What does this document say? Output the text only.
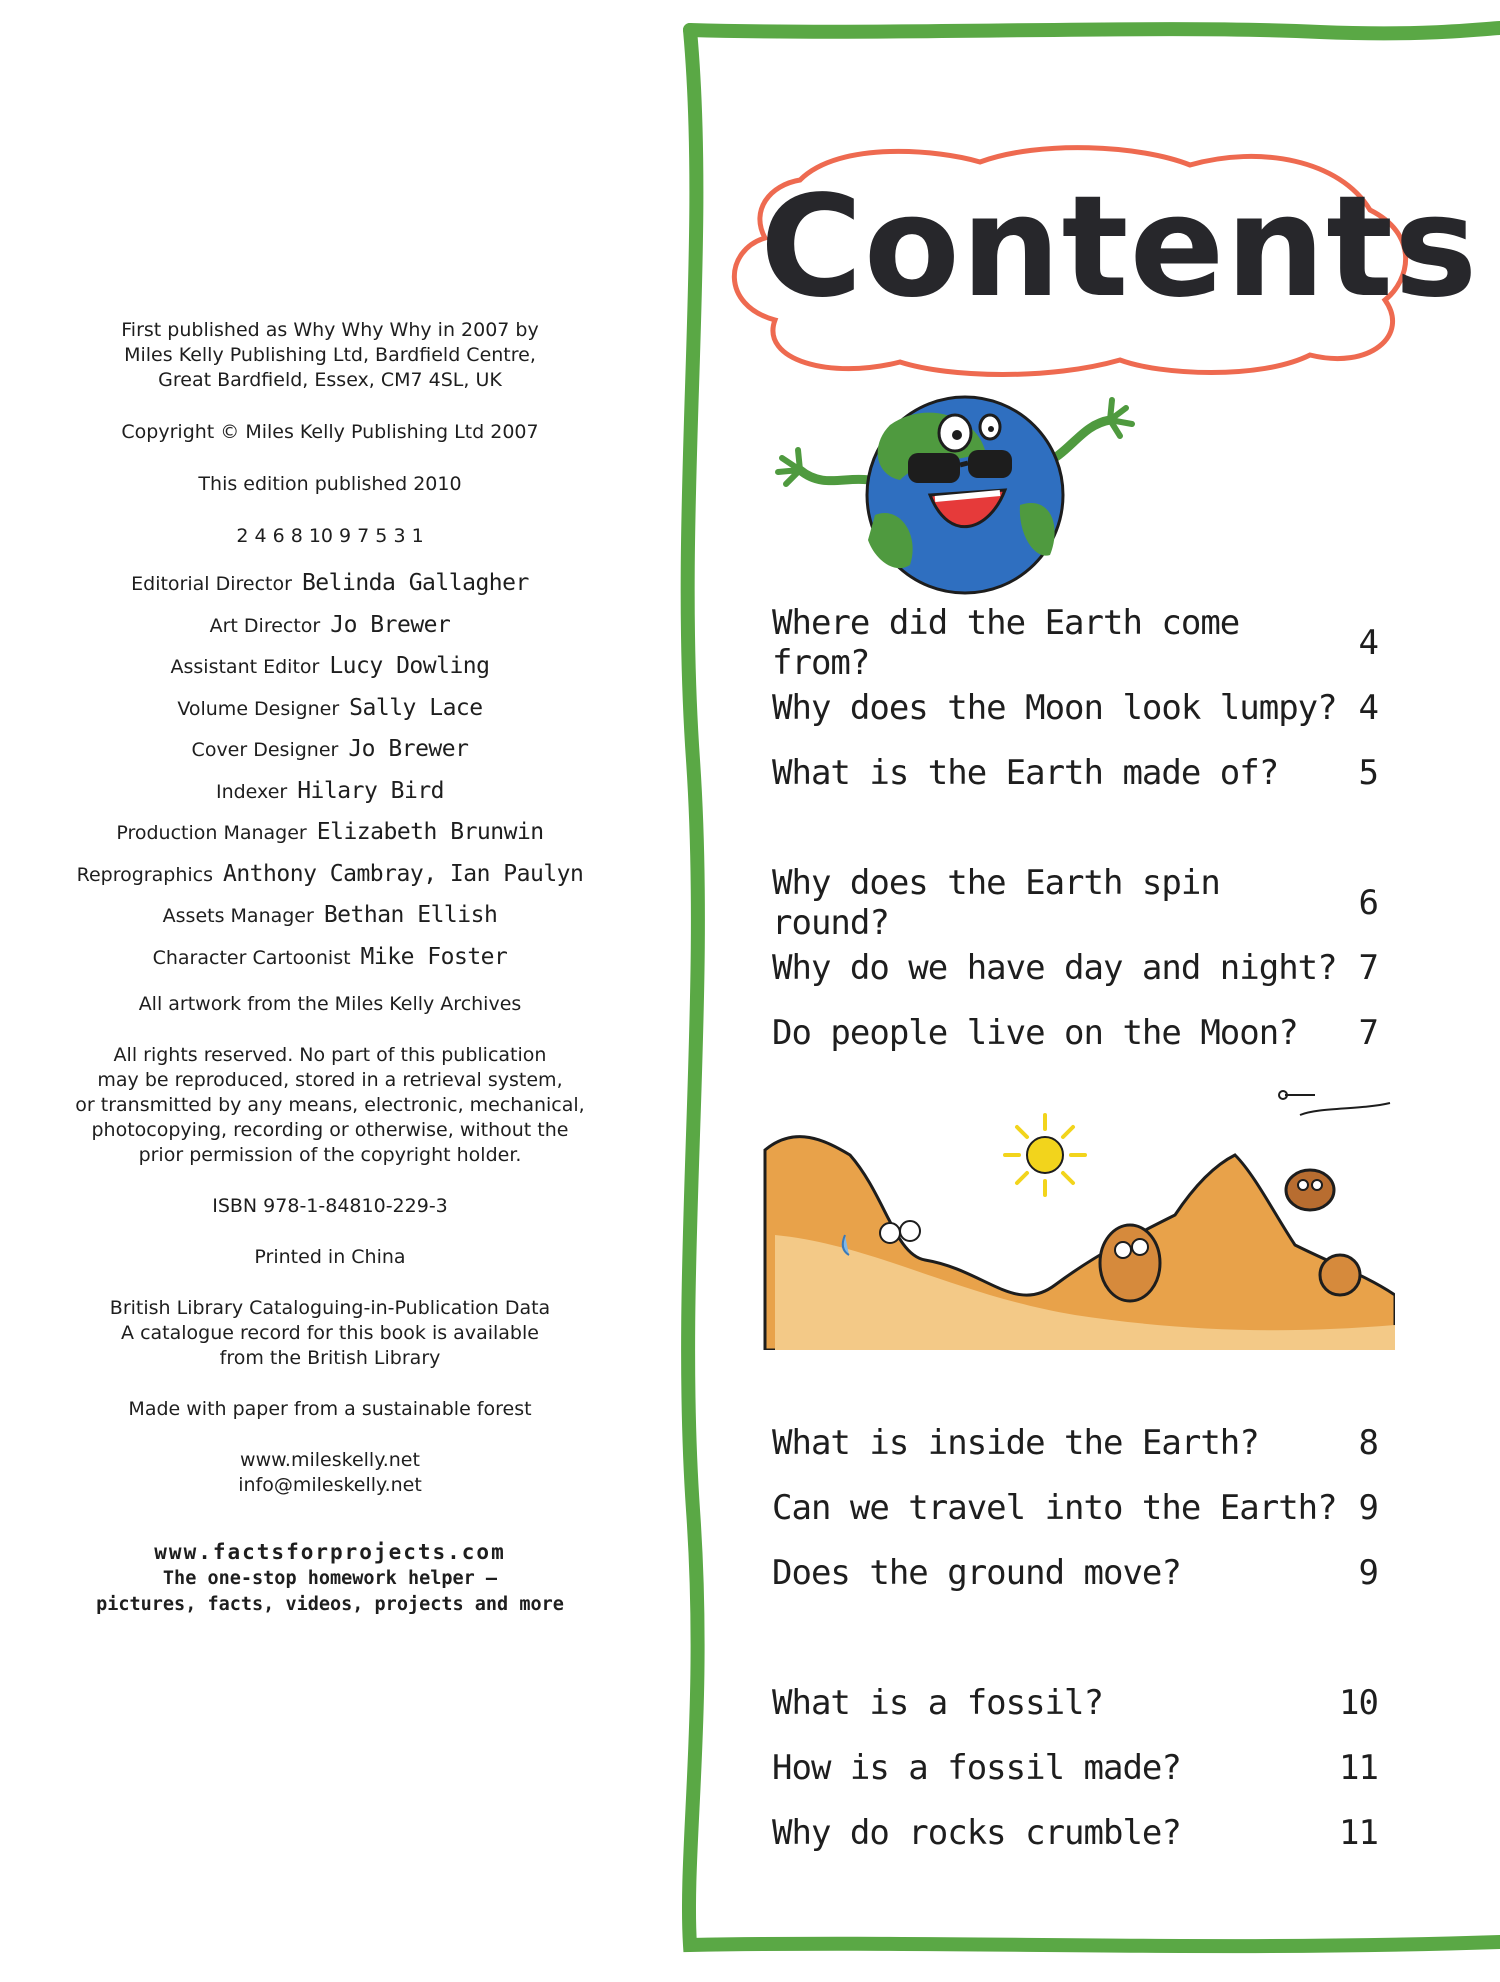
First published as Why Why Why in 2007 by
Miles Kelly Publishing Ltd, Bardfield Centre,
Great Bardfield, Essex, CM7 4SL, UK

Copyright © Miles Kelly Publishing Ltd 2007

This edition published 2010

2 4 6 8 10 9 7 5 3 1

Editorial Director Belinda Gallagher
Art Director Jo Brewer
Assistant Editor Lucy Dowling
Volume Designer Sally Lace
Cover Designer Jo Brewer
Indexer Hilary Bird
Production Manager Elizabeth Brunwin
Reprographics Anthony Cambray, Ian Paulyn
Assets Manager Bethan Ellish
Character Cartoonist Mike Foster

All artwork from the Miles Kelly Archives

All rights reserved. No part of this publication
may be reproduced, stored in a retrieval system,
or transmitted by any means, electronic, mechanical,
photocopying, recording or otherwise, without the
prior permission of the copyright holder.

ISBN 978-1-84810-229-3

Printed in China

British Library Cataloguing-in-Publication Data
A catalogue record for this book is available
from the British Library

Made with paper from a sustainable forest

www.mileskelly.net
info@mileskelly.net

www.factsforprojects.com
The one-stop homework helper –
pictures, facts, videos, projects and more
Contents
Where did the Earth come from?	4
Why does the Moon look lumpy? 4
What is the Earth made of?	5
Why does the Earth spin round?	6
Why do we have day and night? 7
Do people live on the Moon?	7
What is inside the Earth?	8
Can we travel into the Earth? 9
Does the ground move?	9
What is a fossil?	10
How is a fossil made?	11
Why do rocks crumble?	11
